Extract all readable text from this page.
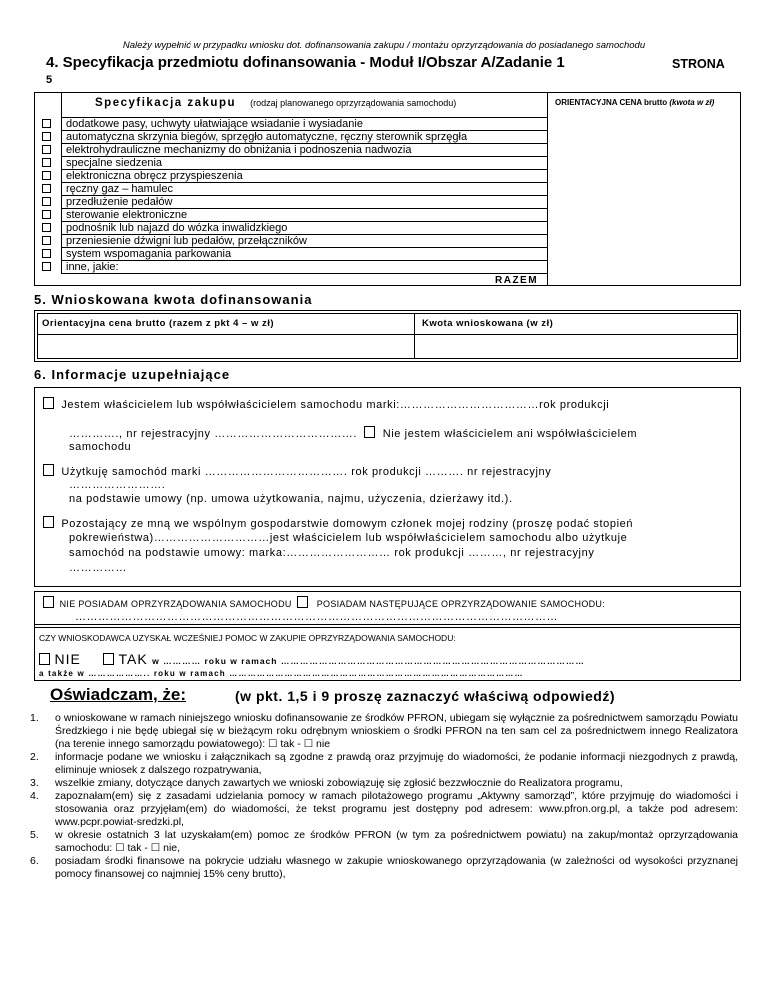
Należy wypełnić w przypadku wniosku dot. dofinansowania zakupu / montażu oprzyrządowania do posiadanego samochodu
4. Specyfikacja przedmiotu dofinansowania - Moduł I/Obszar A/Zadanie 1	STRONA
5
Specyfikacja zakupu (rodzaj planowanego oprzyrządowania samochodu)	ORIENTACYJNA CENA brutto (kwota w zł)
dodatkowe pasy, uchwyty ułatwiające wsiadanie i wysiadanie
automatyczna skrzynia biegów, sprzęgło automatyczne, ręczny sterownik sprzęgła
elektrohydrauliczne mechanizmy do obniżania i podnoszenia nadwozia
specjalne siedzenia
elektroniczna obręcz przyspieszenia
ręczny gaz – hamulec
przedłużenie pedałów
sterowanie elektroniczne
podnośnik lub najazd do wózka inwalidzkiego
przeniesienie dźwigni lub pedałów, przełączników
system wspomagania parkowania
inne, jakie:
RAZEM
5. Wnioskowana kwota dofinansowania
Orientacyjna cena brutto (razem z pkt 4 – w zł)	Kwota wnioskowana (w zł)
6. Informacje uzupełniające
Jestem właścicielem lub współwłaścicielem samochodu marki:………………………………rok produkcji
…………., nr rejestracyjny ………………………………. Nie jestem właścicielem ani współwłaścicielem
samochodu
Użytkuję samochód marki ………………………………. rok produkcji ………. nr rejestracyjny
…………………….
na podstawie umowy (np. umowa użytkowania, najmu, użyczenia, dzierżawy itd.).
Pozostający ze mną we wspólnym gospodarstwie domowym członek mojej rodziny (proszę podać stopień
pokrewieństwa)…………………………jest właścicielem lub współwłaścicielem samochodu albo użytkuje
samochód na podstawie umowy: marka:……………………… rok produkcji ………, nr rejestracyjny
……………
NIE POSIADAM OPRZYRZĄDOWANIA SAMOCHODU	POSIADAM NASTĘPUJĄCE OPRZYRZĄDOWANIE SAMOCHODU:
………………………………………………………………………………………………………………
CZY WNIOSKODAWCA UZYSKAŁ WCZEŚNIEJ POMOC W ZAKUPIE OPRZYRZĄDOWANIA SAMOCHODU:
NIE	TAK w ………… roku w ramach ……………………………………………………………………………………
a także w ……………….. roku w ramach ……………………………………………………………………………………
Oświadczam, że:	(w pkt. 1,5 i 9 proszę zaznaczyć właściwą odpowiedź)
1. o wnioskowane w ramach niniejszego wniosku dofinansowanie ze środków PFRON, ubiegam się wyłącznie za pośrednictwem samorządu Powiatu Średzkiego i nie będę ubiegał się w bieżącym roku odrębnym wnioskiem o środki PFRON na ten sam cel za pośrednictwem innego Realizatora (na terenie innego samorządu powiatowego): ☐ tak - ☐ nie
2. informacje podane we wniosku i załącznikach są zgodne z prawdą oraz przyjmuję do wiadomości, że podanie informacji niezgodnych z prawdą, eliminuje wniosek z dalszego rozpatrywania,
3. wszelkie zmiany, dotyczące danych zawartych we wnioski zobowiązuję się zgłosić bezzwłocznie do Realizatora programu,
4. zapoznałam(em) się z zasadami udzielania pomocy w ramach pilotażowego programu „Aktywny samorząd”, które przyjmuję do wiadomości i stosowania oraz przyjęłam(em) do wiadomości, że tekst programu jest dostępny pod adresem: www.pfron.org.pl, a także pod adresem: www.pcpr.powiat-sredzki.pl,
5. w okresie ostatnich 3 lat uzyskałam(em) pomoc ze środków PFRON (w tym za pośrednictwem powiatu) na zakup/montaż oprzyrządowania samochodu: ☐ tak - ☐ nie,
6. posiadam środki finansowe na pokrycie udziału własnego w zakupie wnioskowanego oprzyrządowania (w zależności od wysokości przyznanej pomocy finansowej co najmniej 15% ceny brutto),
